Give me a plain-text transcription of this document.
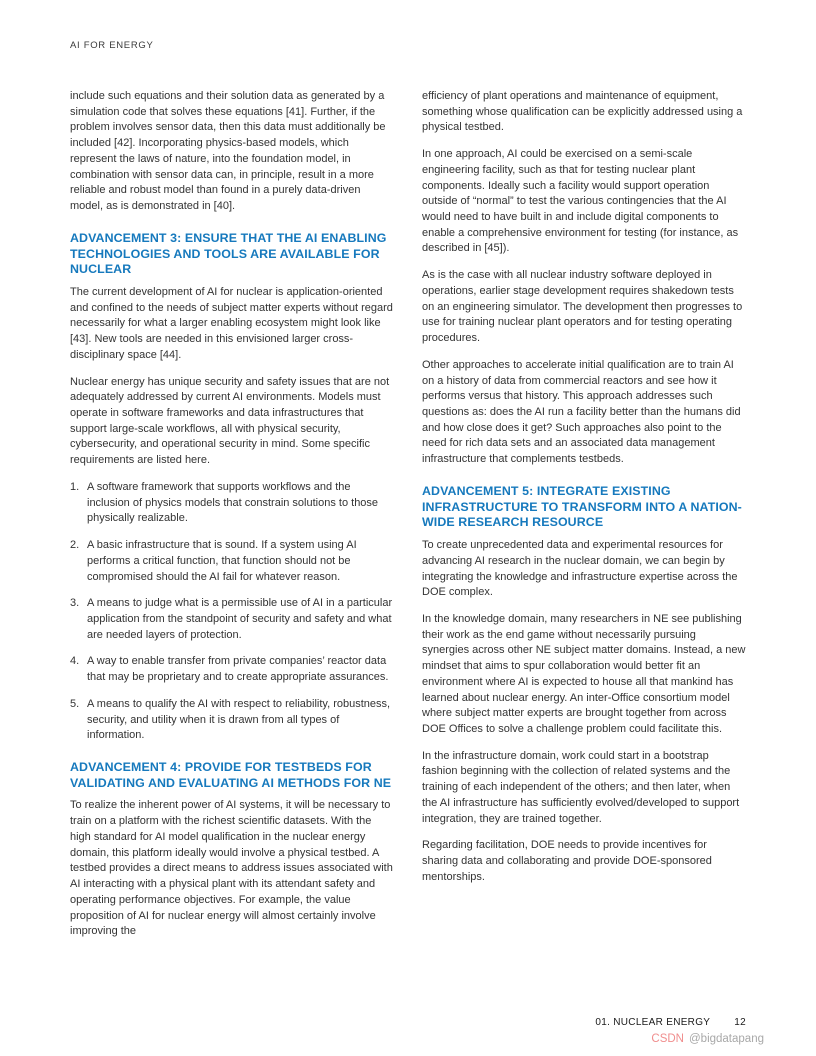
AI FOR ENERGY

include such equations and their solution data as generated by a simulation code that solves these equations [41]. Further, if the problem involves sensor data, then this data must additionally be included [42]. Incorporating physics-based models, which represent the laws of nature, into the foundation model, in combination with sensor data can, in principle, result in a more reliable and robust model than found in a purely data-driven model, as is demonstrated in [40].

ADVANCEMENT 3: ENSURE THAT THE AI ENABLING TECHNOLOGIES AND TOOLS ARE AVAILABLE FOR NUCLEAR

The current development of AI for nuclear is application-oriented and confined to the needs of subject matter experts without regard necessarily for what a larger enabling ecosystem might look like [43]. New tools are needed in this envisioned larger cross-disciplinary space [44].

Nuclear energy has unique security and safety issues that are not adequately addressed by current AI environments. Models must operate in software frameworks and data infrastructures that support large-scale workflows, all with physical security, cybersecurity, and operational security in mind. Some specific requirements are listed here.

A software framework that supports workflows and the inclusion of physics models that constrain solutions to those physically realizable.
A basic infrastructure that is sound. If a system using AI performs a critical function, that function should not be compromised should the AI fail for whatever reason.
A means to judge what is a permissible use of AI in a particular application from the standpoint of security and safety and what are needed layers of protection.
A way to enable transfer from private companies’ reactor data that may be proprietary and to create appropriate assurances.
A means to qualify the AI with respect to reliability, robustness, security, and utility when it is drawn from all types of information.
ADVANCEMENT 4: PROVIDE FOR TESTBEDS FOR VALIDATING AND EVALUATING AI METHODS FOR NE

To realize the inherent power of AI systems, it will be necessary to train on a platform with the richest scientific datasets. With the high standard for AI model qualification in the nuclear energy domain, this platform ideally would involve a physical testbed. A testbed provides a direct means to address issues associated with AI interacting with a physical plant with its attendant safety and operating performance objectives. For example, the value proposition of AI for nuclear energy will almost certainly involve improving the

efficiency of plant operations and maintenance of equipment, something whose qualification can be explicitly addressed using a physical testbed.

In one approach, AI could be exercised on a semi-scale engineering facility, such as that for testing nuclear plant components. Ideally such a facility would support operation outside of “normal” to test the various contingencies that the AI would need to have built in and include digital components to enable a comprehensive environment for testing (for instance, as described in [45]).

As is the case with all nuclear industry software deployed in operations, earlier stage development requires shakedown tests on an engineering simulator. The development then progresses to use for training nuclear plant operators and for testing operating procedures.

Other approaches to accelerate initial qualification are to train AI on a history of data from commercial reactors and see how it performs versus that history. This approach addresses such questions as: does the AI run a facility better than the humans did and how close does it get? Such approaches also point to the need for rich data sets and an associated data management infrastructure that complements testbeds.

ADVANCEMENT 5: INTEGRATE EXISTING INFRASTRUCTURE TO TRANSFORM INTO A NATION-WIDE RESEARCH RESOURCE

To create unprecedented data and experimental resources for advancing AI research in the nuclear domain, we can begin by integrating the knowledge and infrastructure expertise across the DOE complex.

In the knowledge domain, many researchers in NE see publishing their work as the end game without necessarily pursuing synergies across other NE subject matter domains. Instead, a new mindset that aims to spur collaboration would better fit an environment where AI is expected to house all that mankind has learned about nuclear energy. An inter-Office consortium model where subject matter experts are brought together from across DOE Offices to solve a challenge problem could facilitate this.

In the infrastructure domain, work could start in a bootstrap fashion beginning with the collection of related systems and the training of each independent of the others; and then later, when the AI infrastructure has sufficiently evolved/developed to support integration, they are trained together.

Regarding facilitation, DOE needs to provide incentives for sharing data and collaborating and provide DOE-sponsored mentorships.

01. NUCLEAR ENERGY 12
CSDN @bigdatapang
